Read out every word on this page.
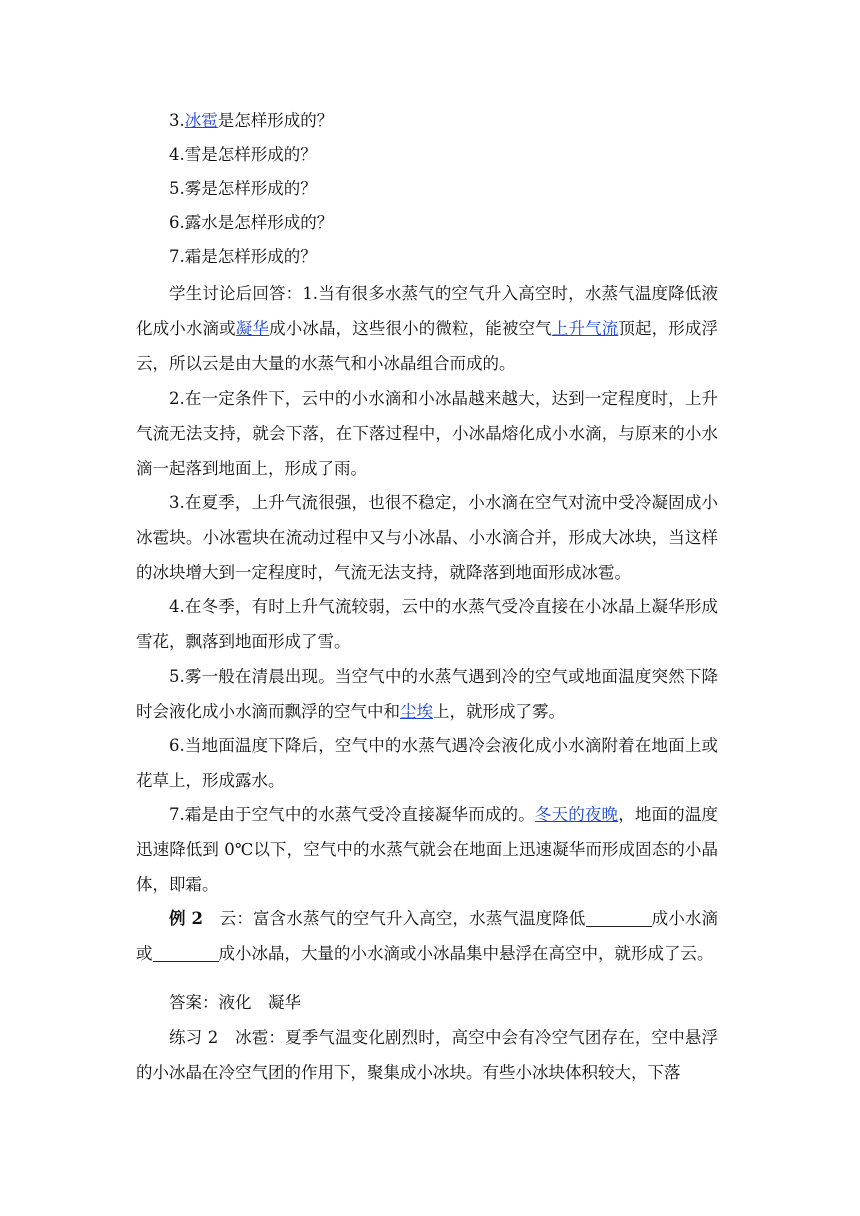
3.冰雹是怎样形成的？
4.雪是怎样形成的？
5.雾是怎样形成的？
6.露水是怎样形成的？
7.霜是怎样形成的？
学生讨论后回答：1.当有很多水蒸气的空气升入高空时，水蒸气温度降低液化成小水滴或凝华成小冰晶，这些很小的微粒，能被空气上升气流顶起，形成浮云，所以云是由大量的水蒸气和小冰晶组合而成的。
2.在一定条件下，云中的小水滴和小冰晶越来越大，达到一定程度时，上升气流无法支持，就会下落，在下落过程中，小冰晶熔化成小水滴，与原来的小水滴一起落到地面上，形成了雨。
3.在夏季，上升气流很强，也很不稳定，小水滴在空气对流中受冷凝固成小冰雹块。小冰雹块在流动过程中又与小冰晶、小水滴合并，形成大冰块，当这样的冰块增大到一定程度时，气流无法支持，就降落到地面形成冰雹。
4.在冬季，有时上升气流较弱，云中的水蒸气受冷直接在小冰晶上凝华形成雪花，飘落到地面形成了雪。
5.雾一般在清晨出现。当空气中的水蒸气遇到冷的空气或地面温度突然下降时会液化成小水滴而飘浮的空气中和尘埃上，就形成了雾。
6.当地面温度下降后，空气中的水蒸气遇冷会液化成小水滴附着在地面上或花草上，形成露水。
7.霜是由于空气中的水蒸气受冷直接凝华而成的。冬天的夜晚，地面的温度迅速降低到 0℃以下，空气中的水蒸气就会在地面上迅速凝华而形成固态的小晶体，即霜。
例 2　 云：富含水蒸气的空气升入高空，水蒸气温度降低	成小水滴或	成小冰晶，大量的小水滴或小冰晶集中悬浮在高空中，就形成了云。
答案：液化　凝华
练习 2　 冰雹：夏季气温变化剧烈时，高空中会有冷空气团存在，空中悬浮的小冰晶在冷空气团的作用下，聚集成小冰块。有些小冰块体积较大，下落
